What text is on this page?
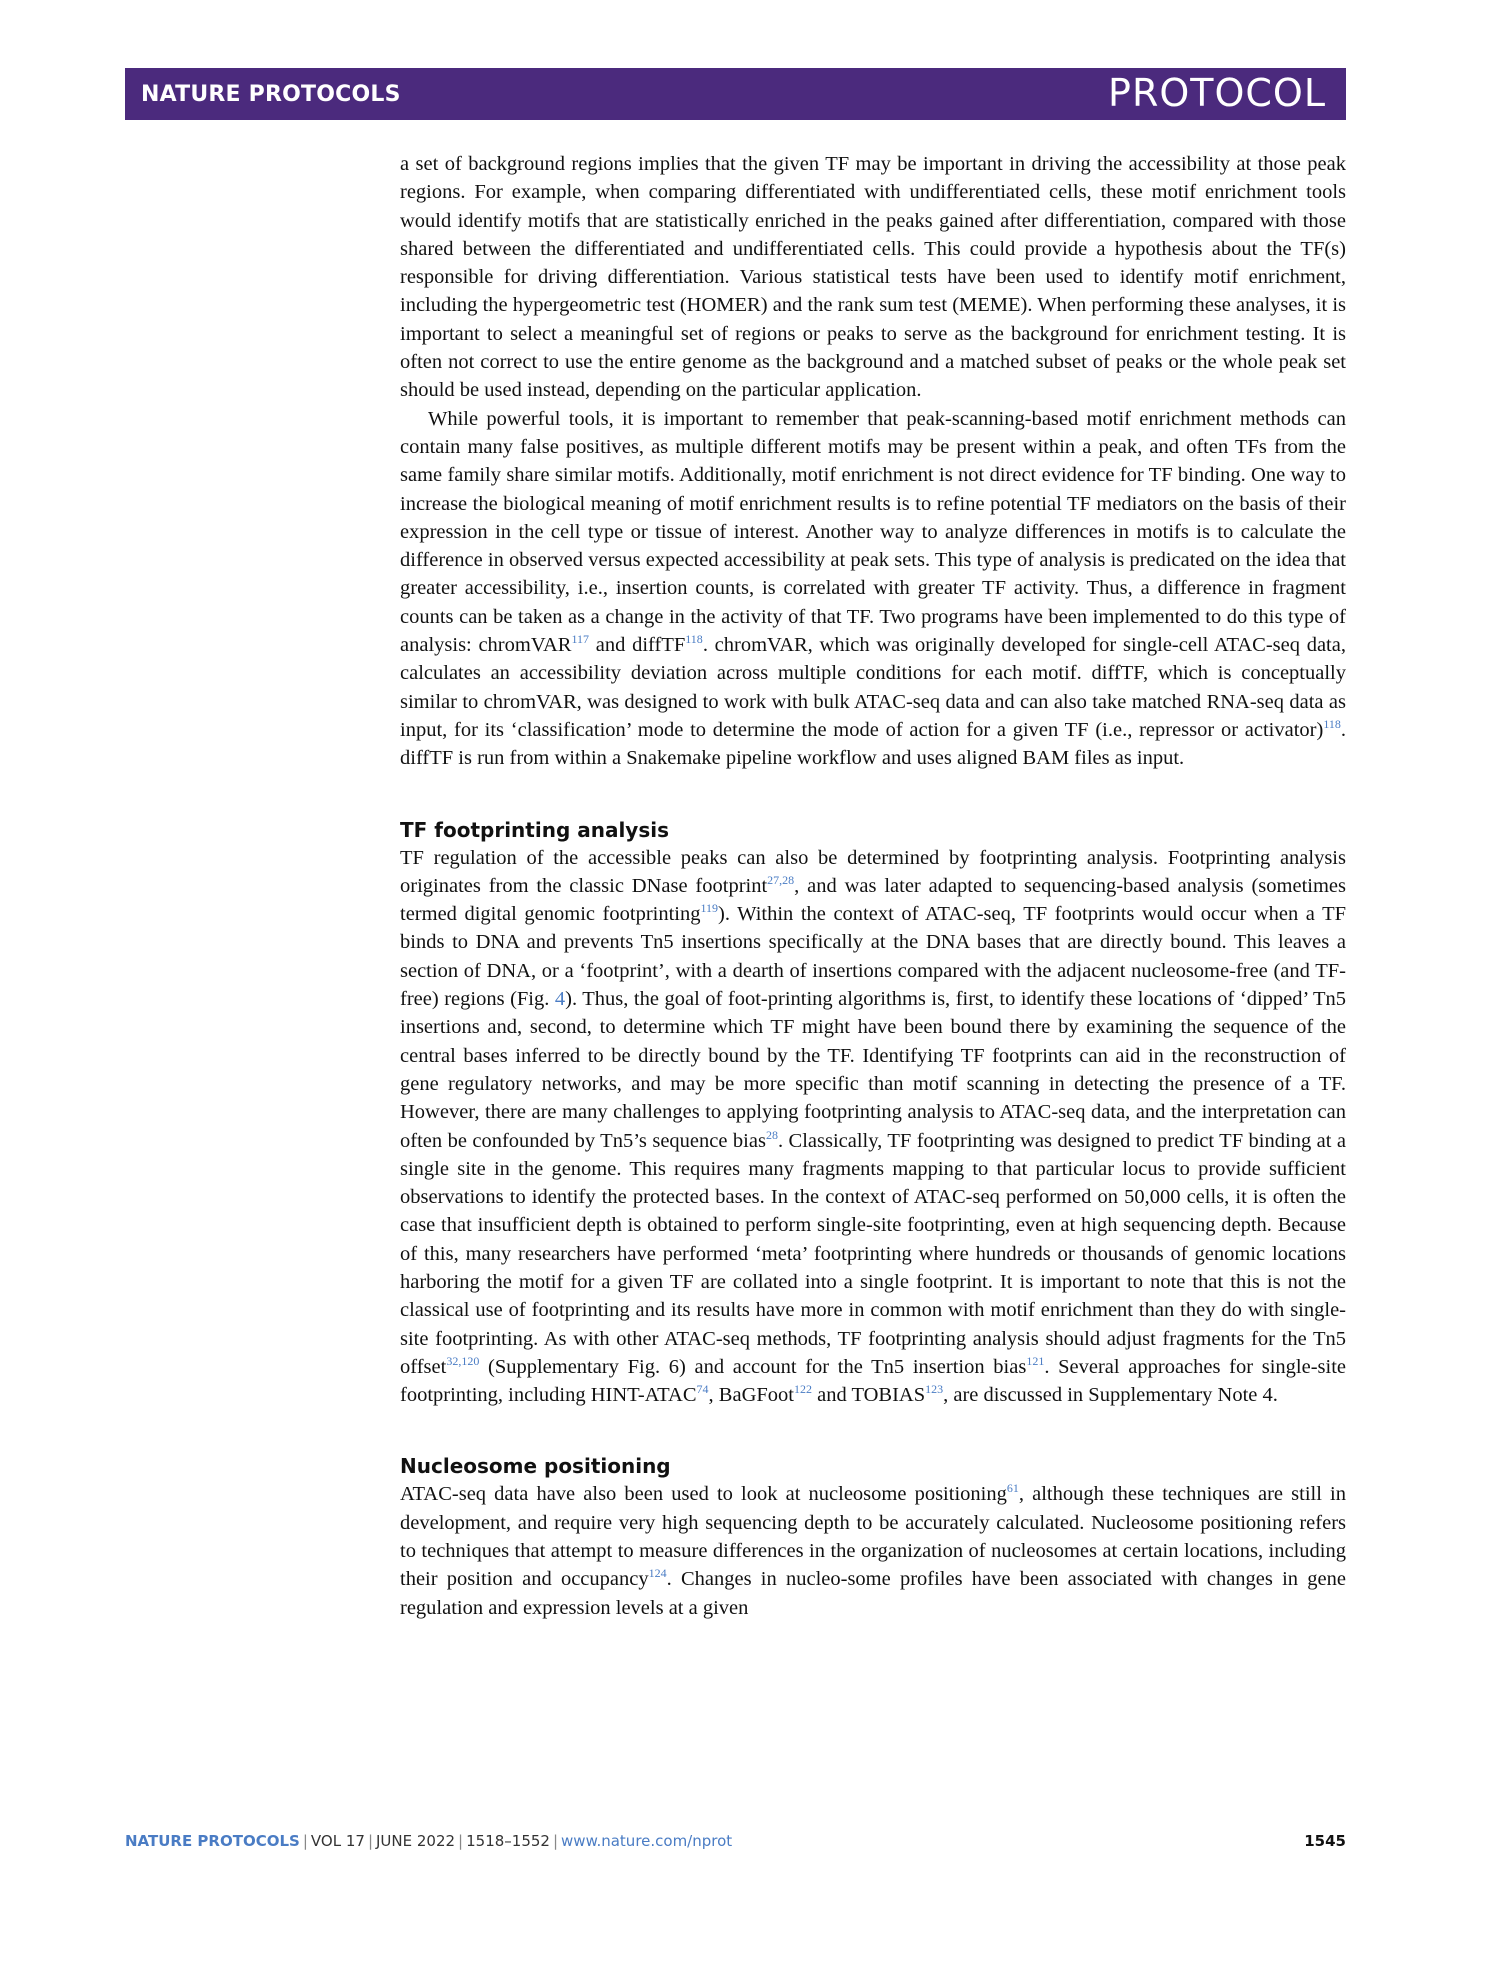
NATURE PROTOCOLS	PROTOCOL

a set of background regions implies that the given TF may be important in driving the accessibility at those peak regions. For example, when comparing differentiated with undifferentiated cells, these motif enrichment tools would identify motifs that are statistically enriched in the peaks gained after differentiation, compared with those shared between the differentiated and undifferentiated cells. This could provide a hypothesis about the TF(s) responsible for driving differentiation. Various statistical tests have been used to identify motif enrichment, including the hypergeometric test (HOMER) and the rank sum test (MEME). When performing these analyses, it is important to select a meaningful set of regions or peaks to serve as the background for enrichment testing. It is often not correct to use the entire genome as the background and a matched subset of peaks or the whole peak set should be used instead, depending on the particular application.

While powerful tools, it is important to remember that peak-scanning-based motif enrichment methods can contain many false positives, as multiple different motifs may be present within a peak, and often TFs from the same family share similar motifs. Additionally, motif enrichment is not direct evidence for TF binding. One way to increase the biological meaning of motif enrichment results is to refine potential TF mediators on the basis of their expression in the cell type or tissue of interest. Another way to analyze differences in motifs is to calculate the difference in observed versus expected accessibility at peak sets. This type of analysis is predicated on the idea that greater accessibility, i.e., insertion counts, is correlated with greater TF activity. Thus, a difference in fragment counts can be taken as a change in the activity of that TF. Two programs have been implemented to do this type of analysis: chromVAR$^{117}$ and diffTF$^{118}$. chromVAR, which was originally developed for single-cell ATAC-seq data, calculates an accessibility deviation across multiple conditions for each motif. diffTF, which is conceptually similar to chromVAR, was designed to work with bulk ATAC-seq data and can also take matched RNA-seq data as input, for its ‘classification’ mode to determine the mode of action for a given TF (i.e., repressor or activator)$^{118}$. diffTF is run from within a Snakemake pipeline workflow and uses aligned BAM files as input.

TF footprinting analysis

TF regulation of the accessible peaks can also be determined by footprinting analysis. Footprinting analysis originates from the classic DNase footprint$^{27,28}$, and was later adapted to sequencing-based analysis (sometimes termed digital genomic footprinting$^{119}$). Within the context of ATAC-seq, TF footprints would occur when a TF binds to DNA and prevents Tn5 insertions specifically at the DNA bases that are directly bound. This leaves a section of DNA, or a ‘footprint’, with a dearth of insertions compared with the adjacent nucleosome-free (and TF-free) regions (Fig. 4). Thus, the goal of foot-printing algorithms is, first, to identify these locations of ‘dipped’ Tn5 insertions and, second, to determine which TF might have been bound there by examining the sequence of the central bases inferred to be directly bound by the TF. Identifying TF footprints can aid in the reconstruction of gene regulatory networks, and may be more specific than motif scanning in detecting the presence of a TF. However, there are many challenges to applying footprinting analysis to ATAC-seq data, and the interpretation can often be confounded by Tn5’s sequence bias$^{28}$. Classically, TF footprinting was designed to predict TF binding at a single site in the genome. This requires many fragments mapping to that particular locus to provide sufficient observations to identify the protected bases. In the context of ATAC-seq performed on 50,000 cells, it is often the case that insufficient depth is obtained to perform single-site footprinting, even at high sequencing depth. Because of this, many researchers have performed ‘meta’ footprinting where hundreds or thousands of genomic locations harboring the motif for a given TF are collated into a single footprint. It is important to note that this is not the classical use of footprinting and its results have more in common with motif enrichment than they do with single-site footprinting. As with other ATAC-seq methods, TF footprinting analysis should adjust fragments for the Tn5 offset$^{32,120}$ (Supplementary Fig. 6) and account for the Tn5 insertion bias$^{121}$. Several approaches for single-site footprinting, including HINT-ATAC$^{74}$, BaGFoot$^{122}$ and TOBIAS$^{123}$, are discussed in Supplementary Note 4.

Nucleosome positioning

ATAC-seq data have also been used to look at nucleosome positioning$^{61}$, although these techniques are still in development, and require very high sequencing depth to be accurately calculated. Nucleosome positioning refers to techniques that attempt to measure differences in the organization of nucleosomes at certain locations, including their position and occupancy$^{124}$. Changes in nucleo-some profiles have been associated with changes in gene regulation and expression levels at a given

NATURE PROTOCOLS | VOL 17 | JUNE 2022 | 1518–1552 | www.nature.com/nprot	1545
